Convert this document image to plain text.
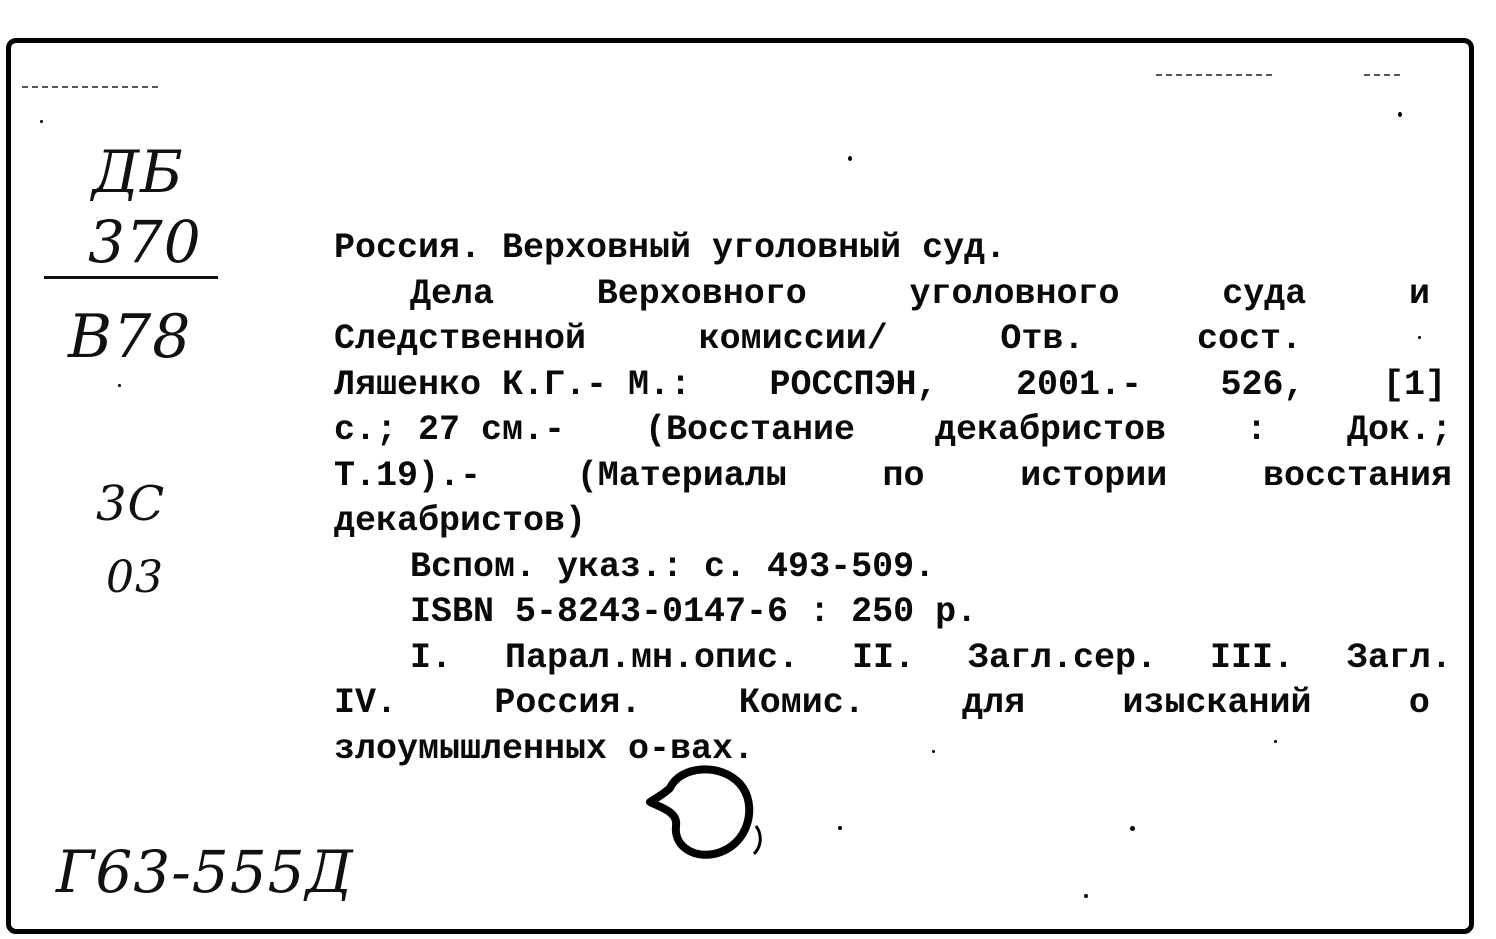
ДБ
370
В78
3С
03
Г63-555Д
Россия. Верховный уголовный суд.
Дела	Верховного	уголовного	суда	и
Следственной	комиссии/	Отв.	сост.
Ляшенко К.Г.- М.: РОССПЭН, 2001.- 526, [1]
с.; 27 см.- (Восстание декабристов : Док.;
Т.19).-	(Материалы	по	истории	восстания
декабристов)
Вспом. указ.: с. 493-509.
ISBN 5-8243-0147-6 : 250 р.
I. Парал.мн.опис. II. Загл.сер. III. Загл.
IV.	Россия.	Комис.	для	изысканий	о
злоумышленных о-вах.
